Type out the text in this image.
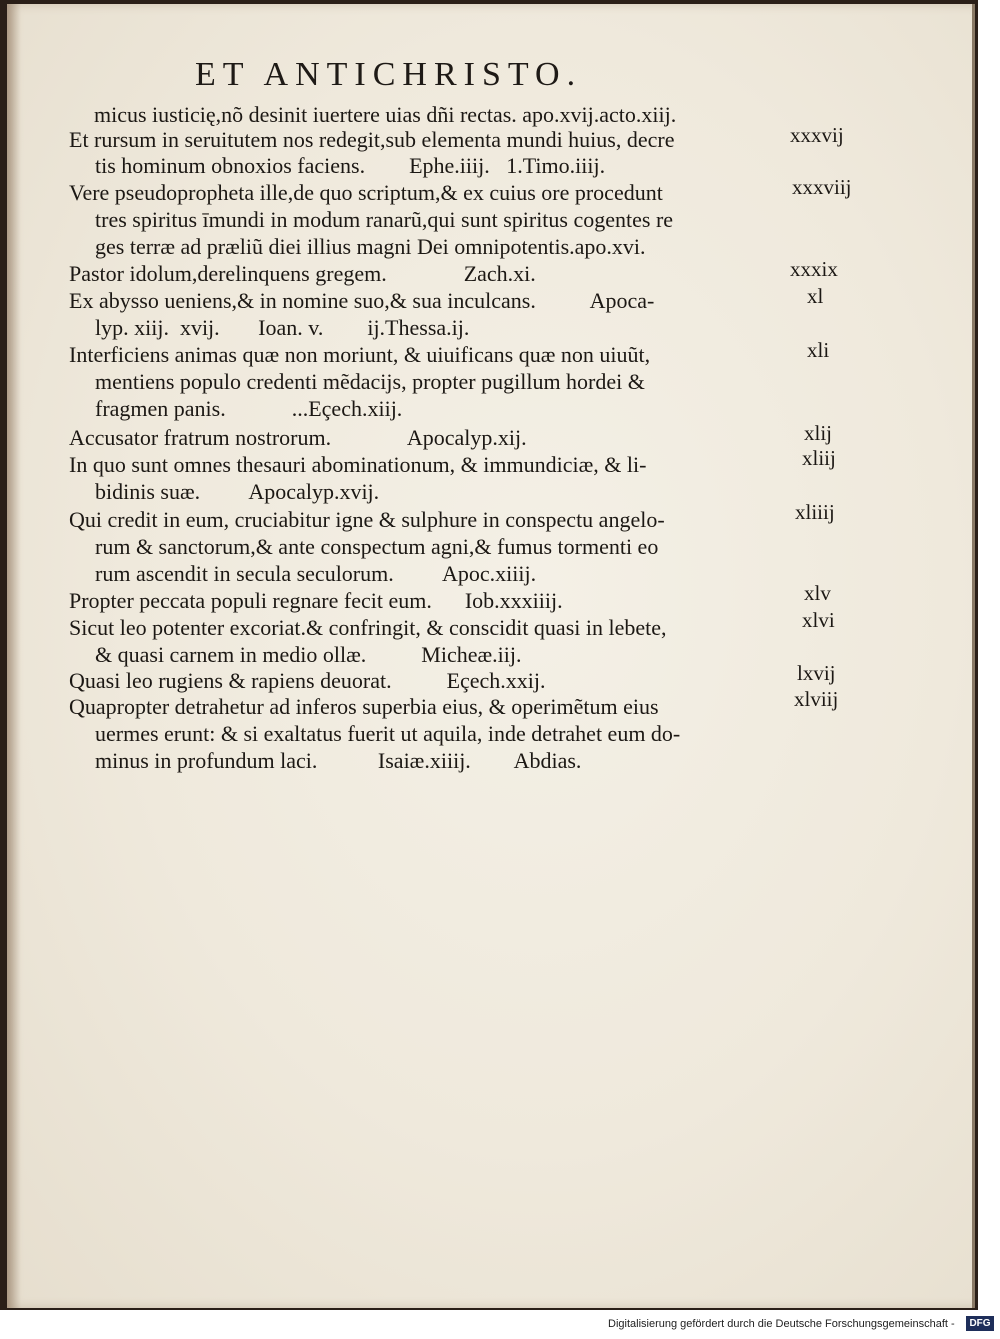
ET ANTICHRISTO.
micus iusticię,nõ desinit iuertere uias dñi rectas. apo.xvij.acto.xiij.
Et rursum in seruitutem nos redegit,sub elementa mundi huius, decre
tis hominum obnoxios faciens.        Ephe.iiij.   1.Timo.iiij.
Vere pseudopropheta ille,de quo scriptum,& ex cuius ore procedunt
tres spiritus īmundi in modum ranarũ,qui sunt spiritus cogentes re
ges terræ ad præliũ diei illius magni Dei omnipotentis.apo.xvi.
Pastor idolum,derelinquens gregem.              Zach.xi.
Ex abysso ueniens,& in nomine suo,& sua inculcans.          Apoca-
lyp. xiij.  xvij.       Ioan. v.        ij.Thessa.ij.
Interficiens animas quæ non moriunt, & uiuificans quæ non uiuũt,
mentiens populo credenti mẽdacijs, propter pugillum hordei &
fragmen panis.            ...Eçech.xiij.
Accusator fratrum nostrorum.              Apocalyp.xij.
In quo sunt omnes thesauri abominationum, & immundiciæ, & li-
bidinis suæ.         Apocalyp.xvij.
Qui credit in eum, cruciabitur igne & sulphure in conspectu angelo-
rum & sanctorum,& ante conspectum agni,& fumus tormenti eo
rum ascendit in secula seculorum.         Apoc.xiiij.
Propter peccata populi regnare fecit eum.      Iob.xxxiiij.
Sicut leo potenter excoriat.& confringit, & conscidit quasi in lebete,
& quasi carnem in medio ollæ.          Micheæ.iij.
Quasi leo rugiens & rapiens deuorat.          Eçech.xxij.
Quapropter detrahetur ad inferos superbia eius, & operimẽtum eius
uermes erunt: & si exaltatus fuerit ut aquila, inde detrahet eum do-
minus in profundum laci.           Isaiæ.xiiij.        Abdias.
xxxvij
xxxviij
xxxix
xl
xli
xlij
xliij
xliiij
xlv
xlvi
lxvij
xlviij
Digitalisierung gefördert durch die Deutsche Forschungsgemeinschaft -	DFG
